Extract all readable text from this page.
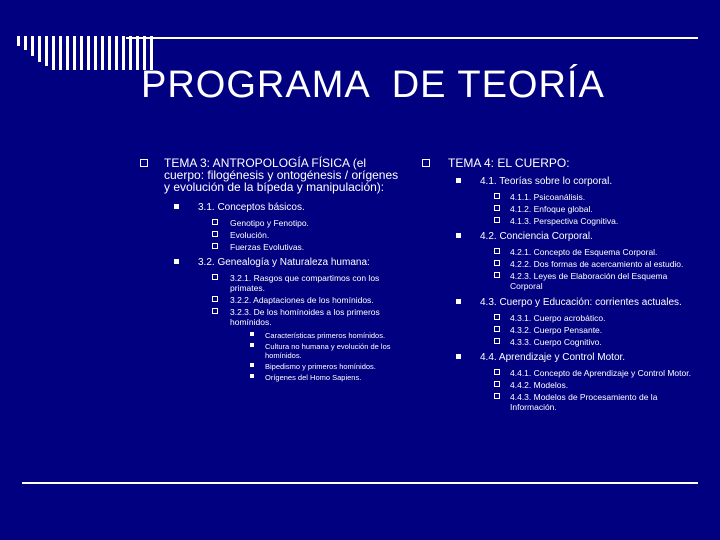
PROGRAMA  DE TEORÍA
TEMA 3: ANTROPOLOGÍA FÍSICA (el cuerpo: filogénesis y ontogénesis / orígenes y evolución de la bípeda y manipulación):
3.1. Conceptos básicos.
Genotipo y Fenotipo.
Evolución.
Fuerzas Evolutivas.
3.2. Genealogía y Naturaleza humana:
3.2.1. Rasgos que compartimos con los primates.
3.2.2. Adaptaciones de los homínidos.
3.2.3. De los homínoides a los primeros homínidos.
Características primeros homínidos.
Cultura no humana y evolución de los homínidos.
Bipedismo y primeros homínidos.
Orígenes del Homo Sapiens.
TEMA 4: EL CUERPO:
4.1. Teorías sobre lo corporal.
4.1.1. Psicoanálisis.
4.1.2. Enfoque global.
4.1.3. Perspectiva Cognitiva.
4.2. Conciencia Corporal.
4.2.1. Concepto de Esquema Corporal.
4.2.2. Dos formas de acercamiento al estudio.
4.2.3. Leyes de Elaboración del Esquema Corporal
4.3. Cuerpo y Educación: corrientes actuales.
4.3.1. Cuerpo acrobático.
4.3.2. Cuerpo Pensante.
4.3.3. Cuerpo Cognitivo.
4.4. Aprendizaje y Control Motor.
4.4.1. Concepto de Aprendizaje y Control Motor.
4.4.2. Modelos.
4.4.3. Modelos de Procesamiento de la Información.
